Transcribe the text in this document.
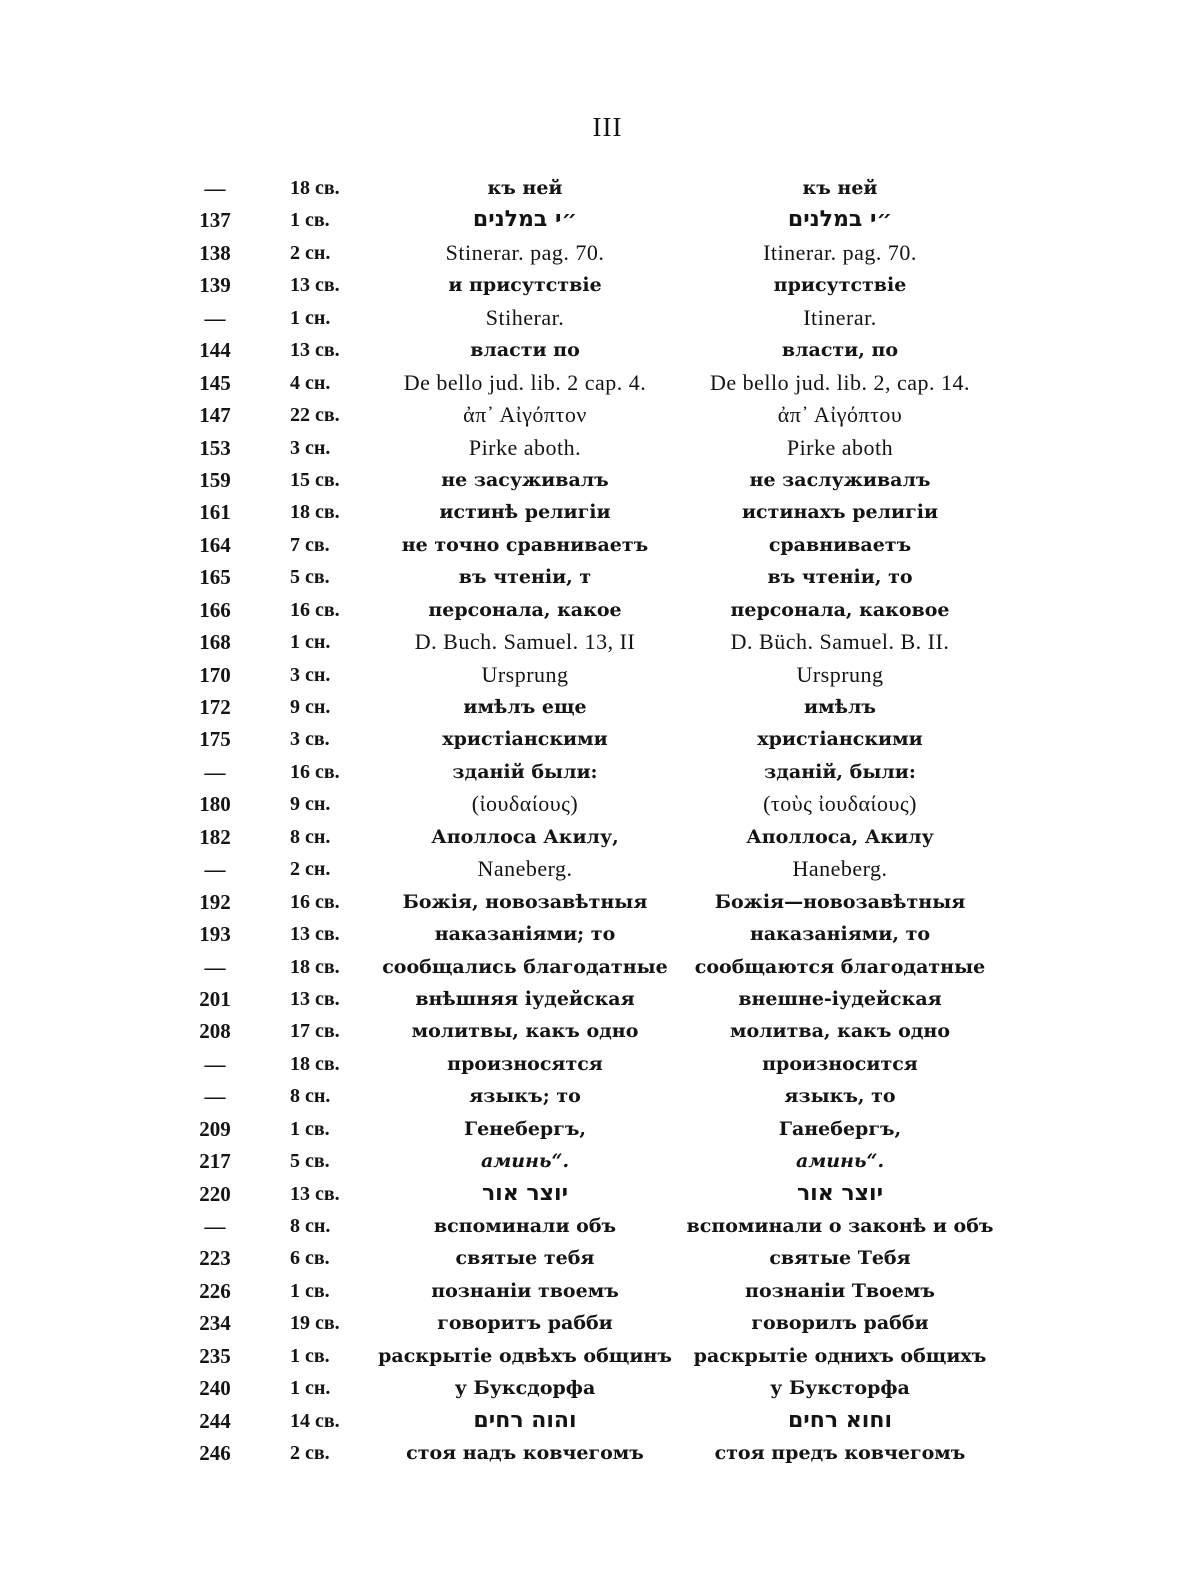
III
—	18 св.	къ ней	къ ней
137	1 св.	״י במלנים	״י במלנים
138	2 сн.	Stinerar. pag. 70.	Itinerar. pag. 70.
139	13 св.	и присутствіе	присутствіе
—	1 сн.	Stiherar.	Itinerar.
144	13 св.	власти по	власти, по
145	4 сн.	De bello jud. lib. 2 cap. 4.	De bello jud. lib. 2, cap. 14.
147	22 св.	ἀπ᾽ Αἰγόπτον	ἀπ᾽ Αἰγόπτου
153	3 сн.	Pirke aboth.	Pirke aboth
159	15 св.	не засуживалъ	не заслуживалъ
161	18 св.	истинѣ религіи	истинахъ религіи
164	7 св.	не точно сравниваетъ	сравниваетъ
165	5 св.	въ чтеніи, т	въ чтеніи, то
166	16 св.	персонала, какое	персонала, каковое
168	1 сн.	D. Buch. Samuel. 13, II	D. Büch. Samuel. B. II.
170	3 сн.	Ursprung	Ursprung
172	9 сн.	имѣлъ еще	имѣлъ
175	3 св.	христіанскими	христіанскими
—	16 св.	зданій были:	зданій, были:
180	9 сн.	(ἰουδαίους)	(τοὺς ἰουδαίους)
182	8 сн.	Аполлоса Акилу,	Аполлоса, Акилу
—	2 сн.	Naneberg.	Haneberg.
192	16 св.	Божія, новозавѣтныя	Божія—новозавѣтныя
193	13 св.	наказаніями; то	наказаніями, то
—	18 св.	сообщались благодатные	сообщаются благодатные
201	13 св.	внѣшняя іудейская	внешне-іудейская
208	17 св.	молитвы, какъ одно	молитва, какъ одно
—	18 св.	произносятся	произносится
—	8 сн.	языкъ; то	языкъ, то
209	1 св.	Генебергъ,	Ганебергъ,
217	5 св.	аминь“.	аминь“.
220	13 св.	יוצר אור	יוצר אור
—	8 сн.	вспоминали объ	вспоминали о законѣ и объ
223	6 св.	святые тебя	святые Тебя
226	1 св.	познаніи твоемъ	познаніи Твоемъ
234	19 св.	говоритъ рабби	говорилъ рабби
235	1 св.	раскрытіе одвѣхъ общинъ	раскрытіе однихъ общихъ
240	1 сн.	у Букcдорфа	у Букcторфа
244	14 св.	והוה רחים	וחוא רחים
246	2 св.	стоя надъ ковчегомъ	стоя предъ ковчегомъ
